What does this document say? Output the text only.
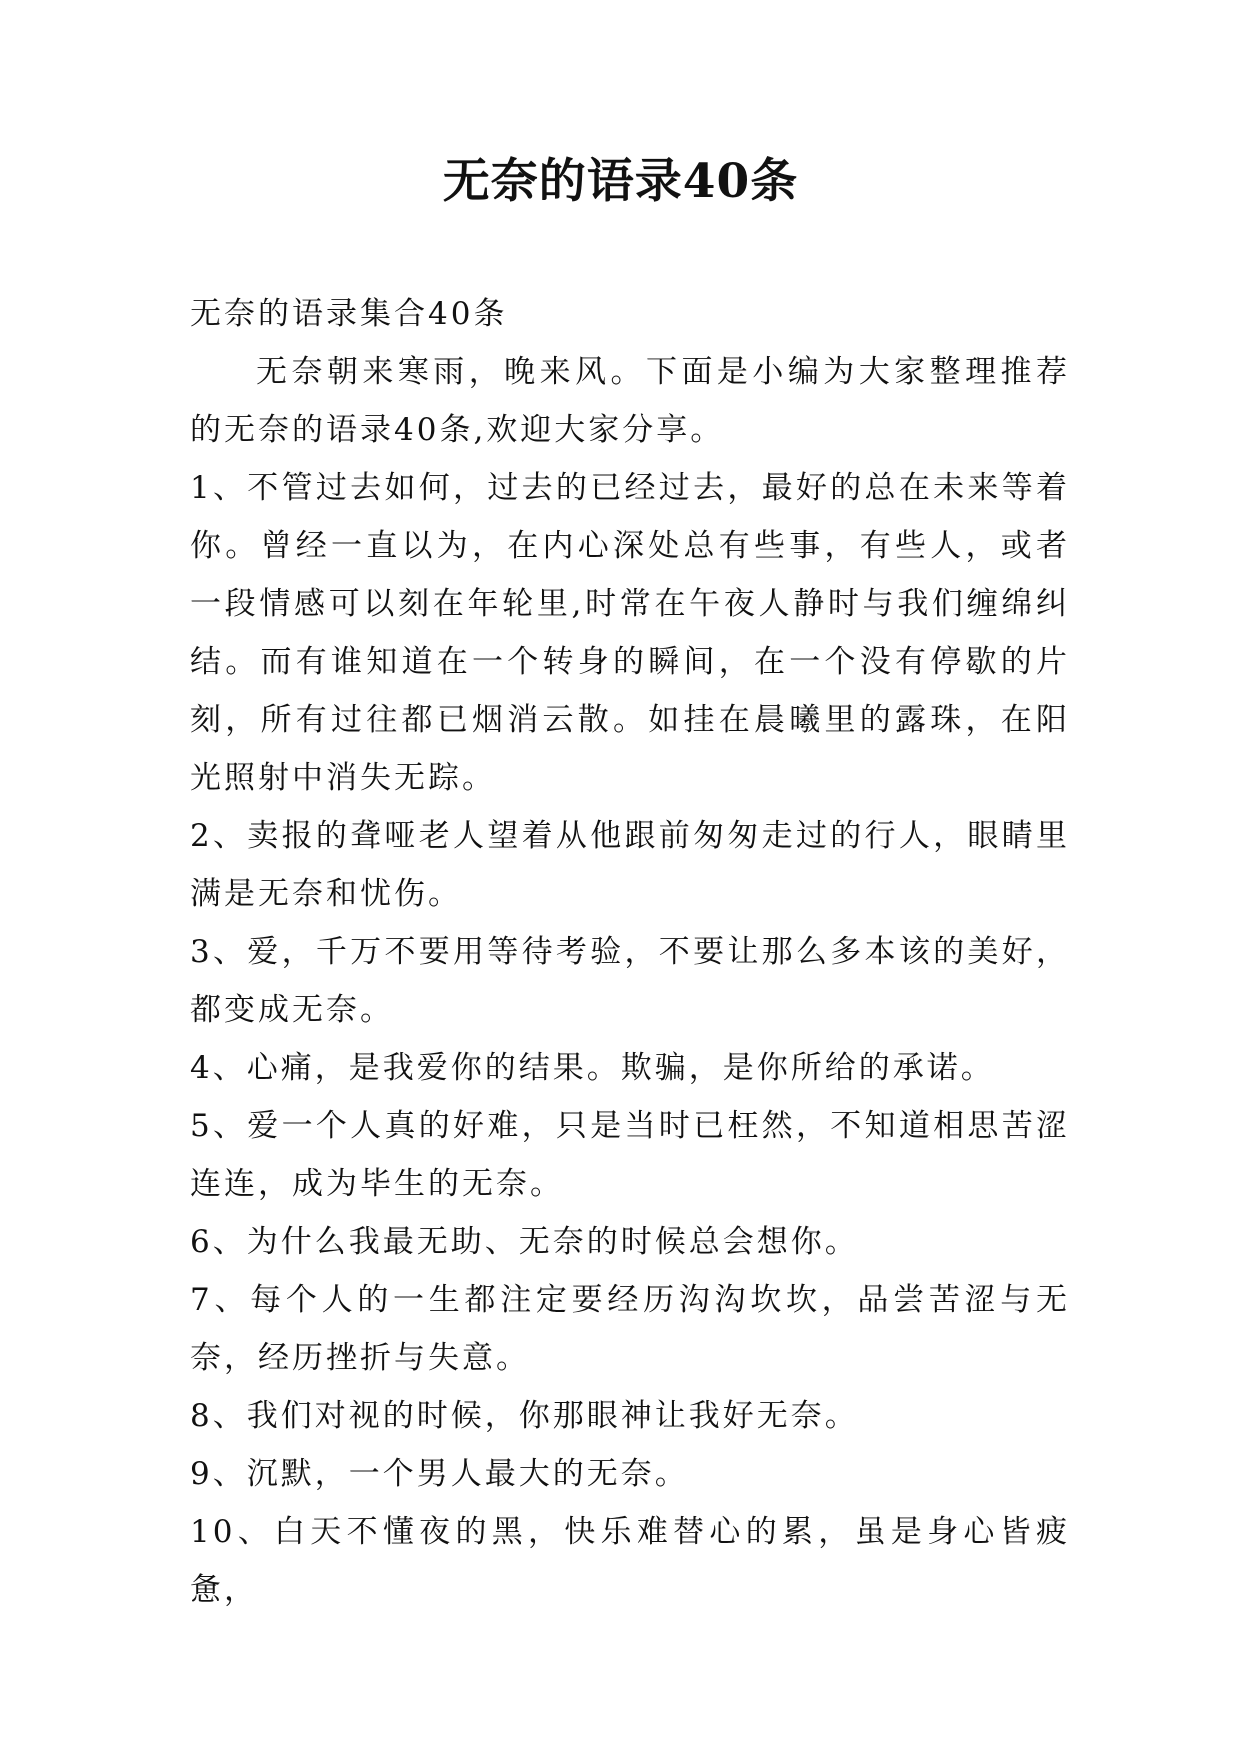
无奈的语录40条

无奈的语录集合40条

无奈朝来寒雨，晚来风。下面是小编为大家整理推荐的无奈的语录40条,欢迎大家分享。

1、不管过去如何，过去的已经过去，最好的总在未来等着你。曾经一直以为，在内心深处总有些事，有些人，或者一段情感可以刻在年轮里,时常在午夜人静时与我们缠绵纠结。而有谁知道在一个转身的瞬间，在一个没有停歇的片刻，所有过往都已烟消云散。如挂在晨曦里的露珠，在阳光照射中消失无踪。

2、卖报的聋哑老人望着从他跟前匆匆走过的行人，眼睛里满是无奈和忧伤。

3、爱，千万不要用等待考验，不要让那么多本该的美好，都变成无奈。

4、心痛，是我爱你的结果。欺骗，是你所给的承诺。

5、爱一个人真的好难，只是当时已枉然，不知道相思苦涩连连，成为毕生的无奈。

6、为什么我最无助、无奈的时候总会想你。

7、每个人的一生都注定要经历沟沟坎坎，品尝苦涩与无奈，经历挫折与失意。

8、我们对视的时候，你那眼神让我好无奈。

9、沉默，一个男人最大的无奈。

10、白天不懂夜的黑，快乐难替心的累，虽是身心皆疲惫，
